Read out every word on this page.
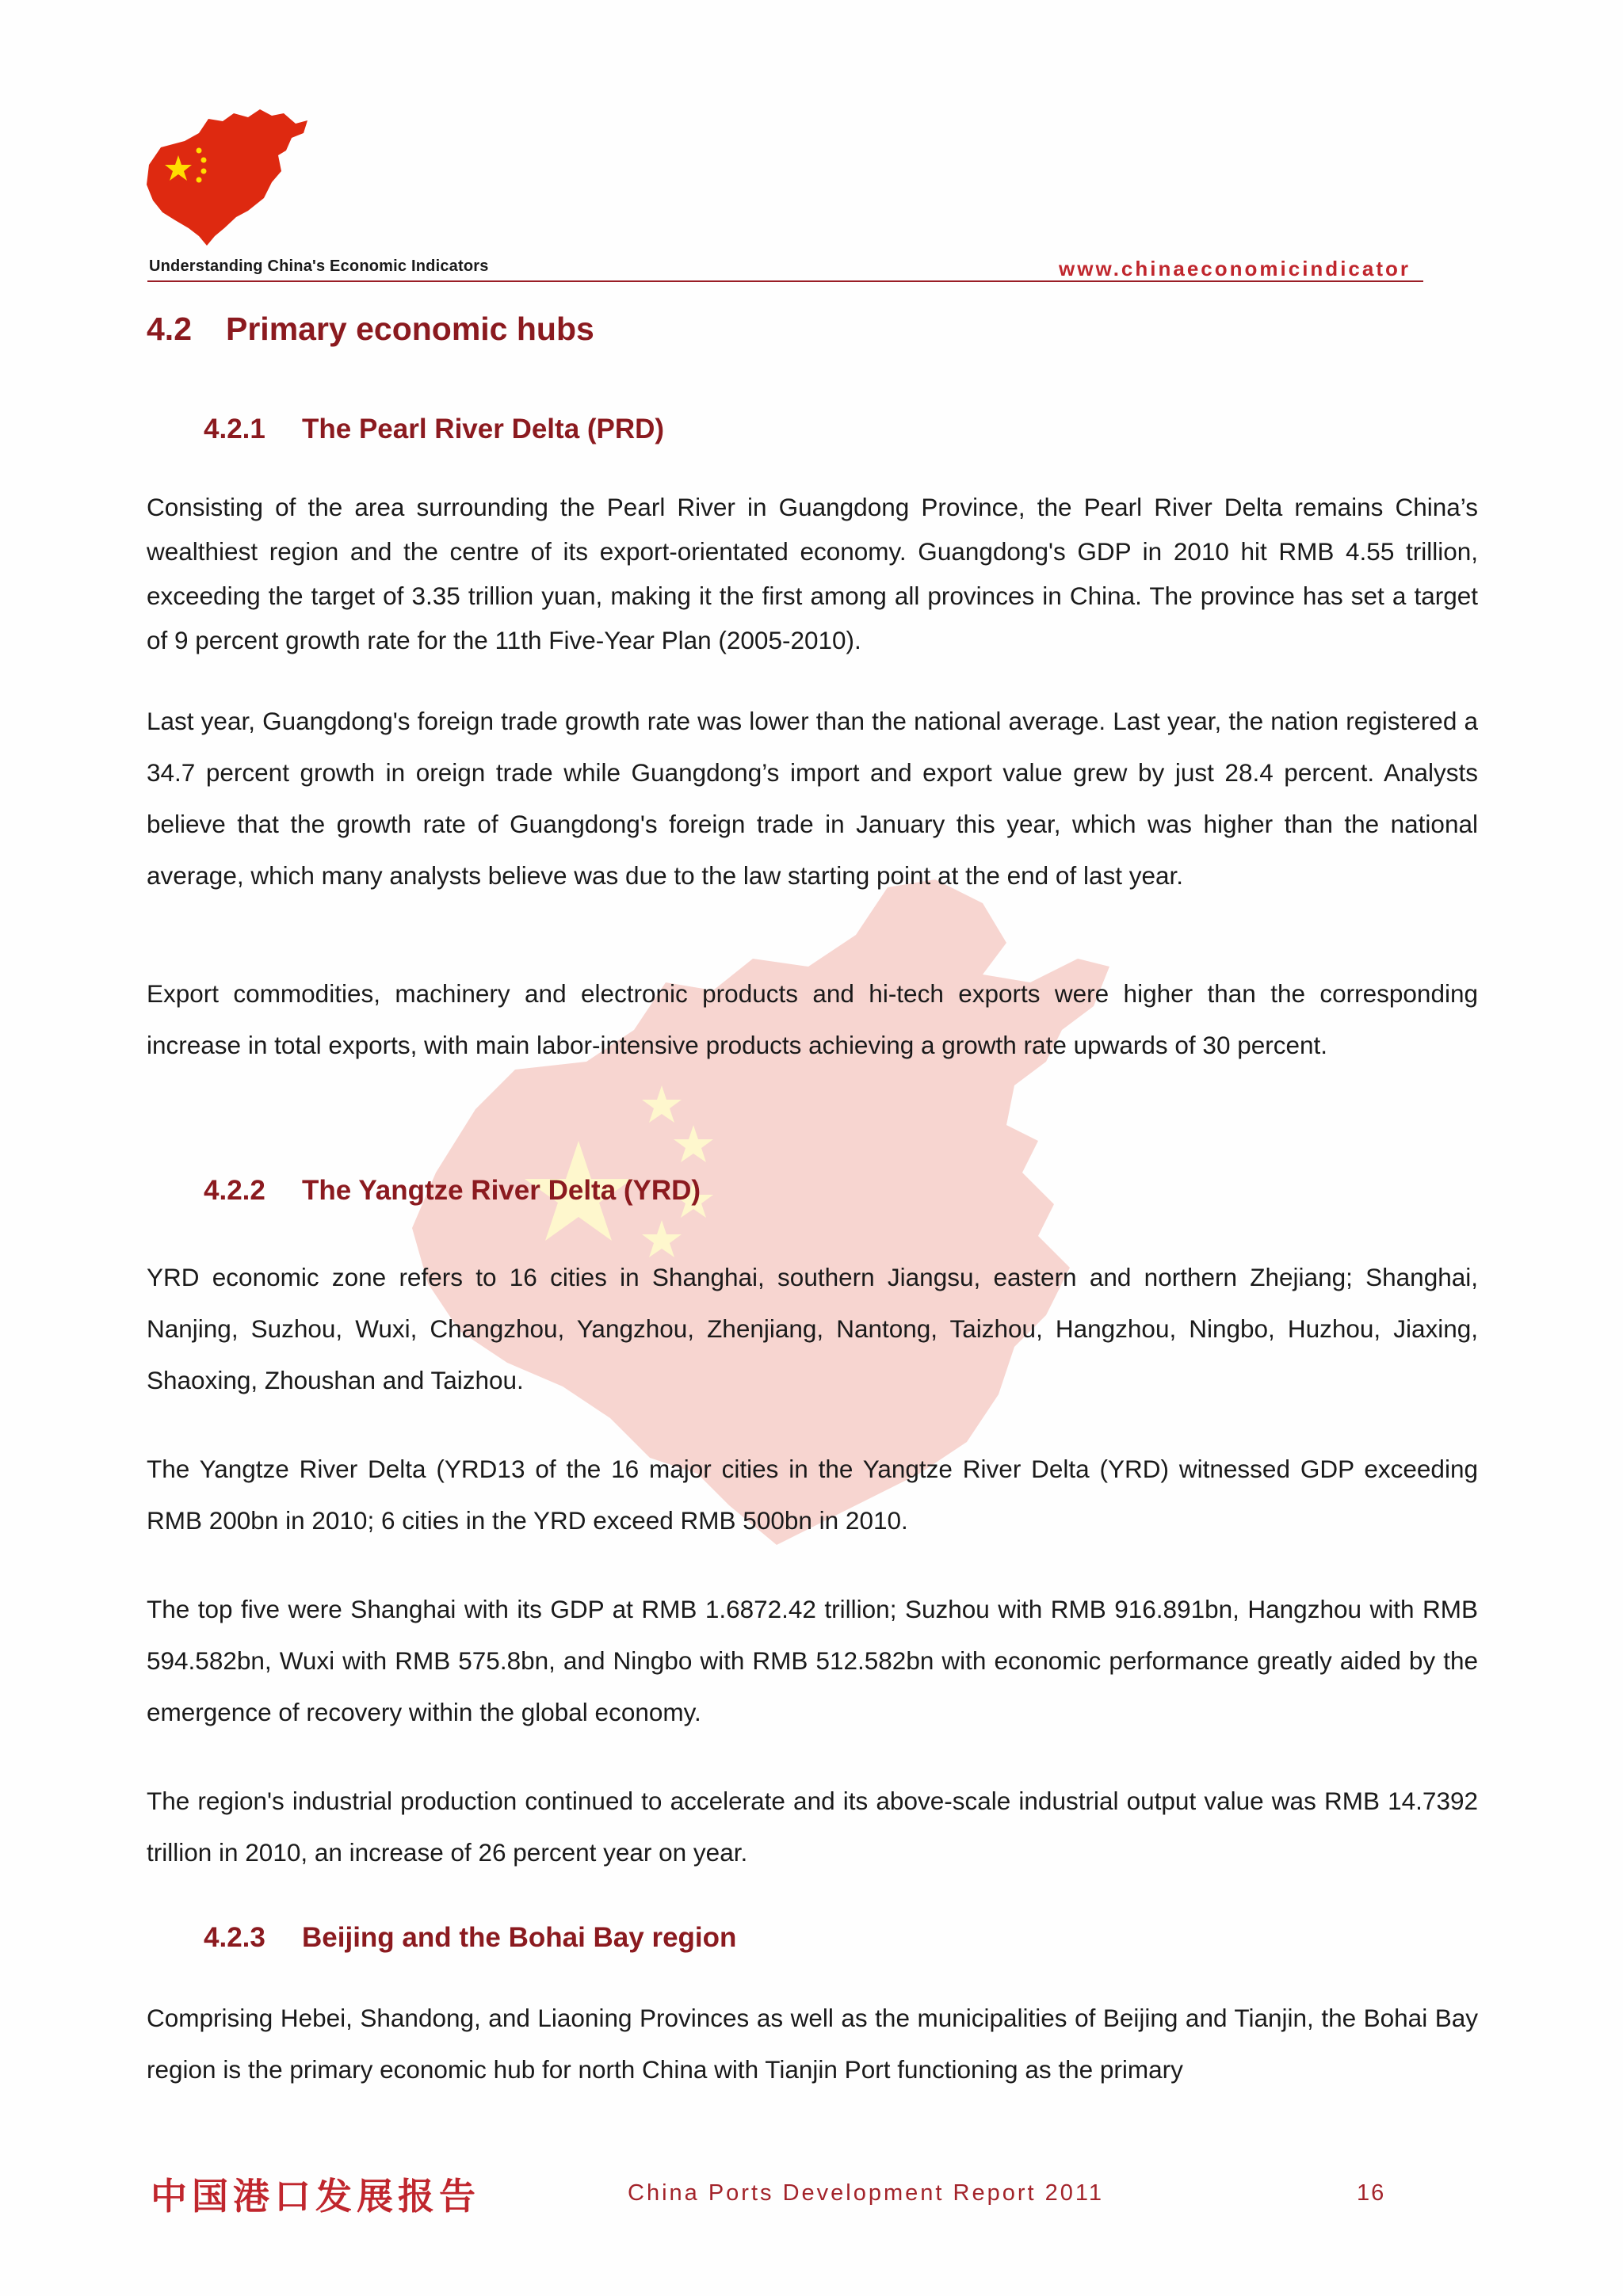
Understanding China's Economic Indicators	www.chinaeconomicindicator
4.2 Primary economic hubs
4.2.1 The Pearl River Delta (PRD)
Consisting of the area surrounding the Pearl River in Guangdong Province, the Pearl River Delta remains China’s wealthiest region and the centre of its export-orientated economy. Guangdong's GDP in 2010 hit RMB 4.55 trillion, exceeding the target of 3.35 trillion yuan, making it the first among all provinces in China. The province has set a target of 9 percent growth rate for the 11th Five-Year Plan (2005-2010).
Last year, Guangdong's foreign trade growth rate was lower than the national average. Last year, the nation registered a 34.7 percent growth in oreign trade while Guangdong’s import and export value grew by just 28.4 percent. Analysts believe that the growth rate of Guangdong's foreign trade in January this year, which was higher than the national average, which many analysts believe was due to the law starting point at the end of last year.
Export commodities, machinery and electronic products and hi-tech exports were higher than the corresponding increase in total exports, with main labor-intensive products achieving a growth rate upwards of 30 percent.
4.2.2 The Yangtze River Delta (YRD)
YRD economic zone refers to 16 cities in Shanghai, southern Jiangsu, eastern and northern Zhejiang; Shanghai, Nanjing, Suzhou, Wuxi, Changzhou, Yangzhou, Zhenjiang, Nantong, Taizhou, Hangzhou, Ningbo, Huzhou, Jiaxing, Shaoxing, Zhoushan and Taizhou.
The Yangtze River Delta (YRD13 of the 16 major cities in the Yangtze River Delta (YRD) witnessed GDP exceeding RMB 200bn in 2010; 6 cities in the YRD exceed RMB 500bn in 2010.
The top five were Shanghai with its GDP at RMB 1.6872.42 trillion; Suzhou with RMB 916.891bn, Hangzhou with RMB 594.582bn, Wuxi with RMB 575.8bn, and Ningbo with RMB 512.582bn with economic performance greatly aided by the emergence of recovery within the global economy.
The region's industrial production continued to accelerate and its above-scale industrial output value was RMB 14.7392 trillion in 2010, an increase of 26 percent year on year.
4.2.3 Beijing and the Bohai Bay region
Comprising Hebei, Shandong, and Liaoning Provinces as well as the municipalities of Beijing and Tianjin, the Bohai Bay region is the primary economic hub for north China with Tianjin Port functioning as the primary
中国港口发展报告	China Ports Development Report 2011	16
